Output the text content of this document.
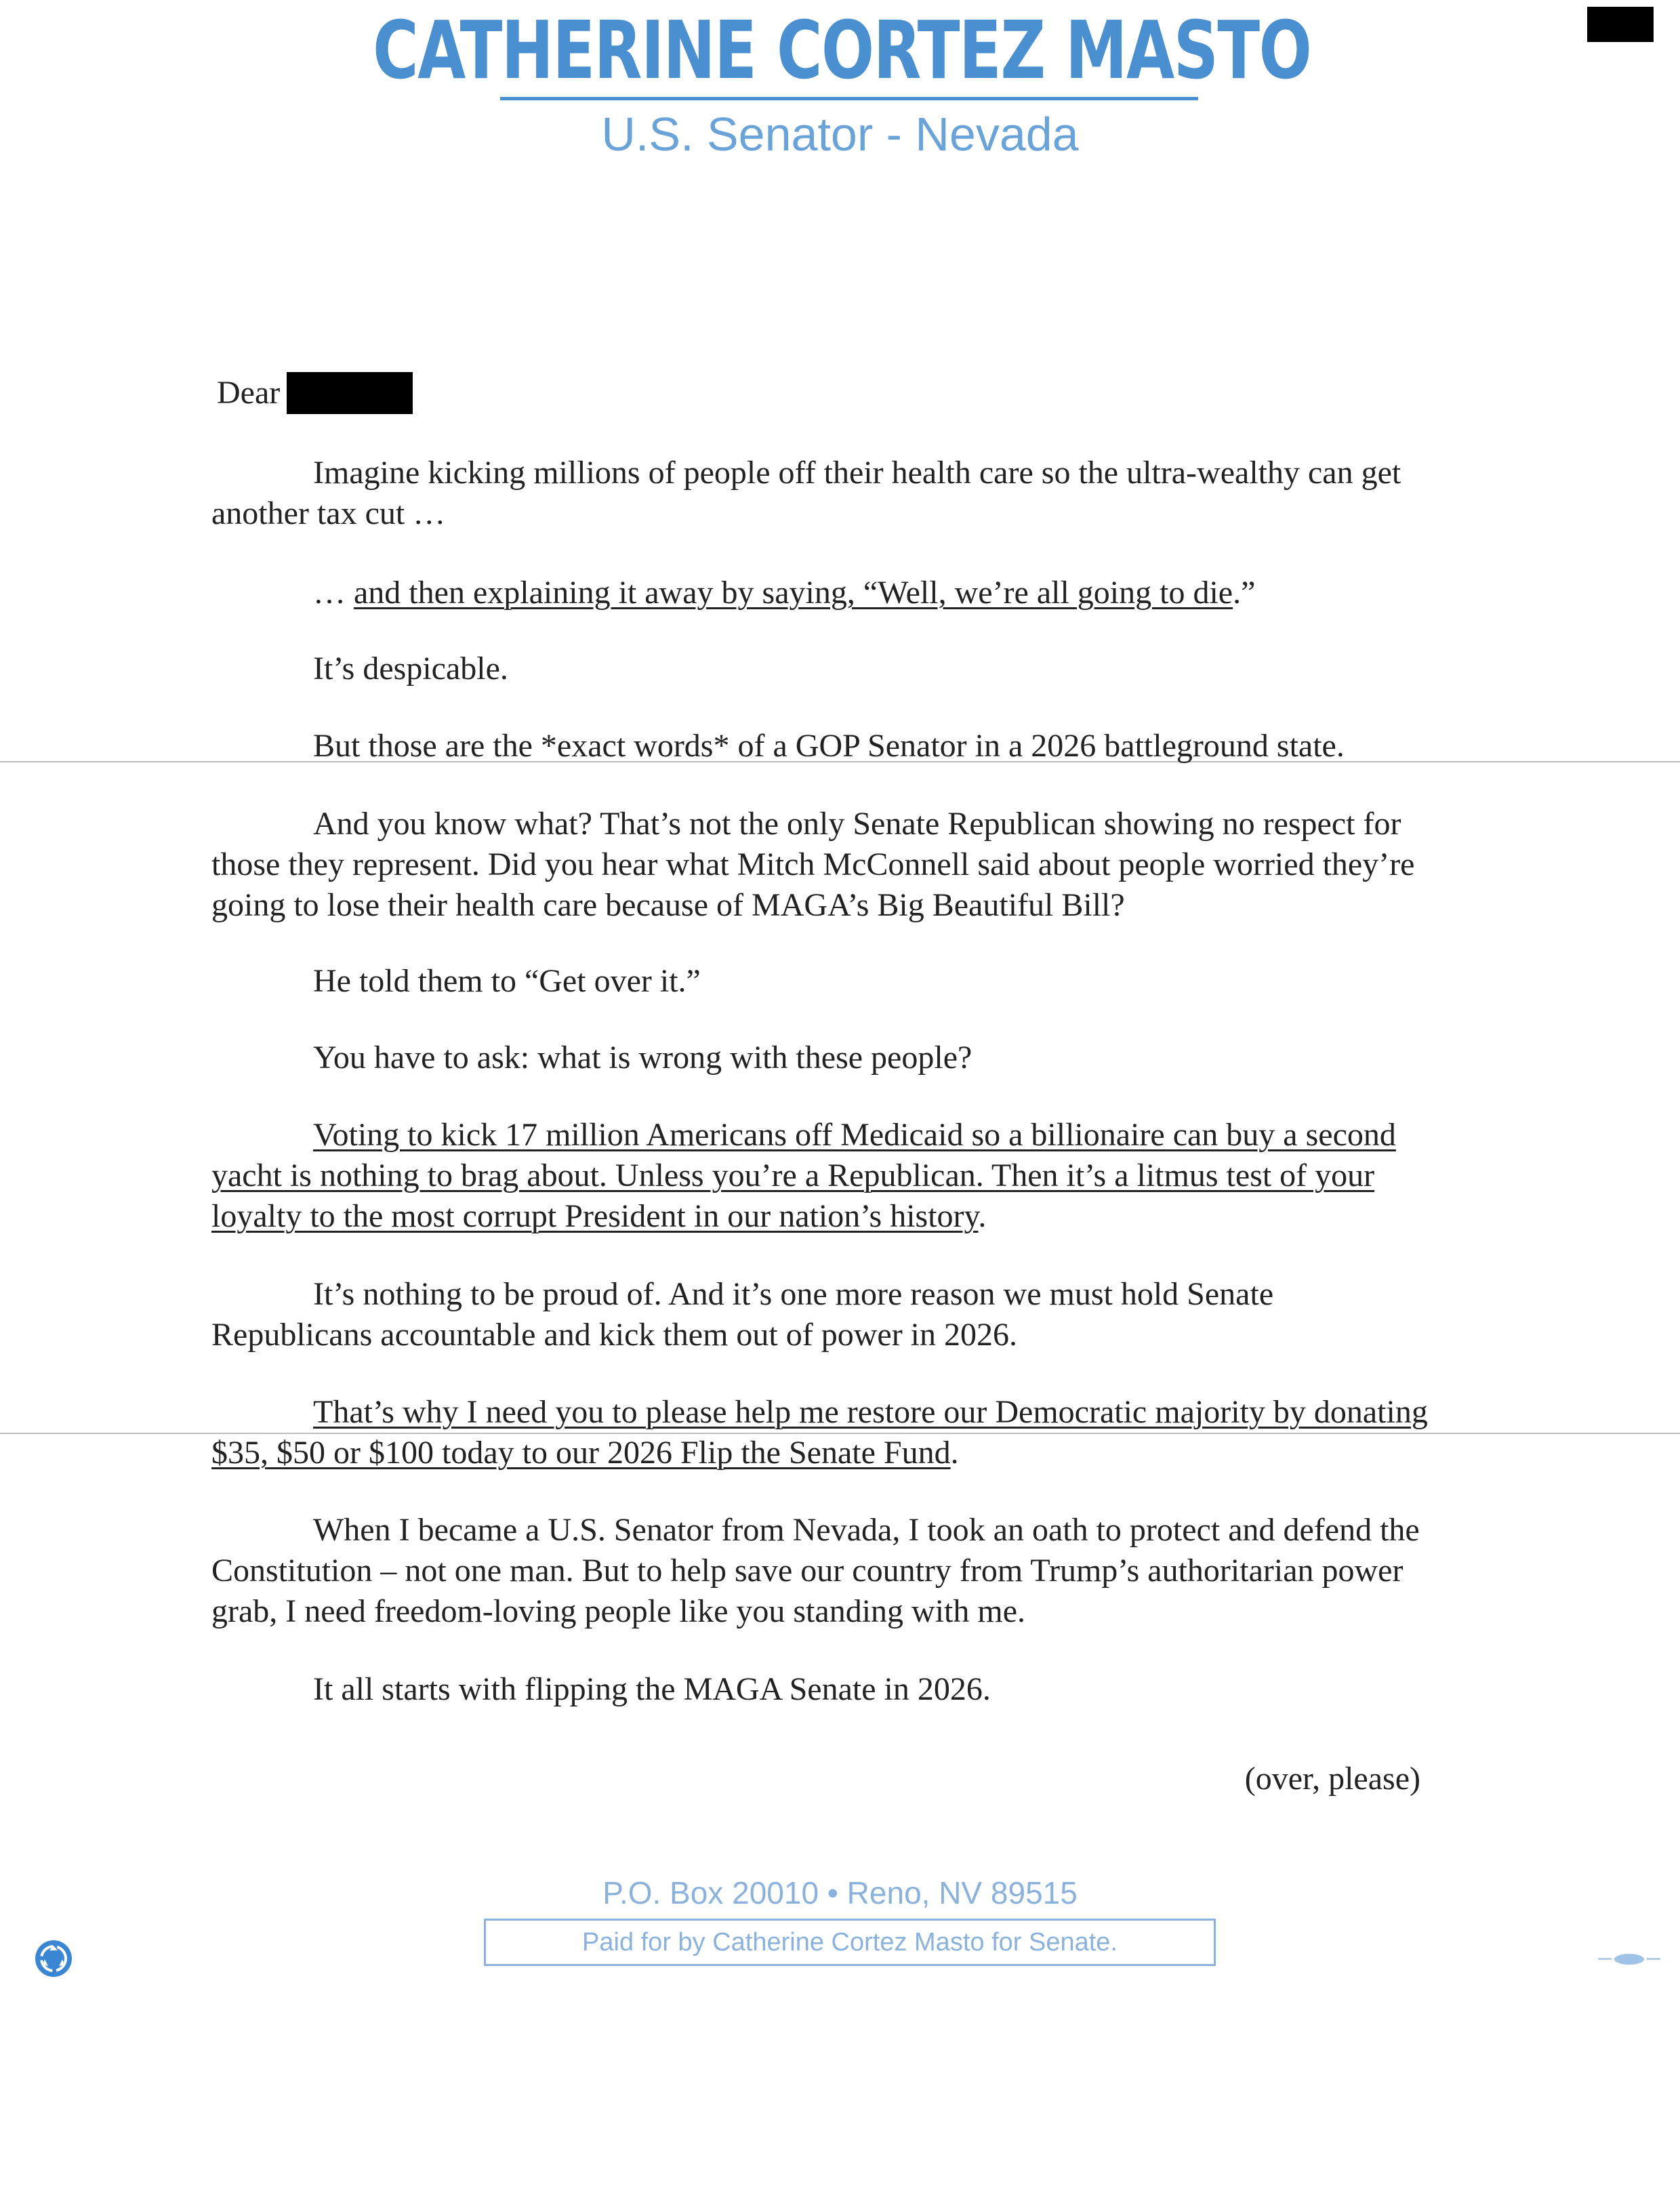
CATHERINE CORTEZ MASTO
U.S. Senator - Nevada
Dear

Imagine kicking millions of people off their health care so the ultra-wealthy can get another tax cut …

… and then explaining it away by saying, “Well, we’re all going to die.”

It’s despicable.

But those are the *exact words* of a GOP Senator in a 2026 battleground state.

And you know what? That’s not the only Senate Republican showing no respect for those they represent. Did you hear what Mitch McConnell said about people worried they’re going to lose their health care because of MAGA’s Big Beautiful Bill?

He told them to “Get over it.”

You have to ask: what is wrong with these people?

Voting to kick 17 million Americans off Medicaid so a billionaire can buy a second yacht is nothing to brag about. Unless you’re a Republican. Then it’s a litmus test of your loyalty to the most corrupt President in our nation’s history.

It’s nothing to be proud of. And it’s one more reason we must hold Senate Republicans accountable and kick them out of power in 2026.

That’s why I need you to please help me restore our Democratic majority by donating $35, $50 or $100 today to our 2026 Flip the Senate Fund.

When I became a U.S. Senator from Nevada, I took an oath to protect and defend the Constitution – not one man. But to help save our country from Trump’s authoritarian power grab, I need freedom-loving people like you standing with me.

It all starts with flipping the MAGA Senate in 2026.

(over, please)
P.O. Box 20010 • Reno, NV 89515
Paid for by Catherine Cortez Masto for Senate.
